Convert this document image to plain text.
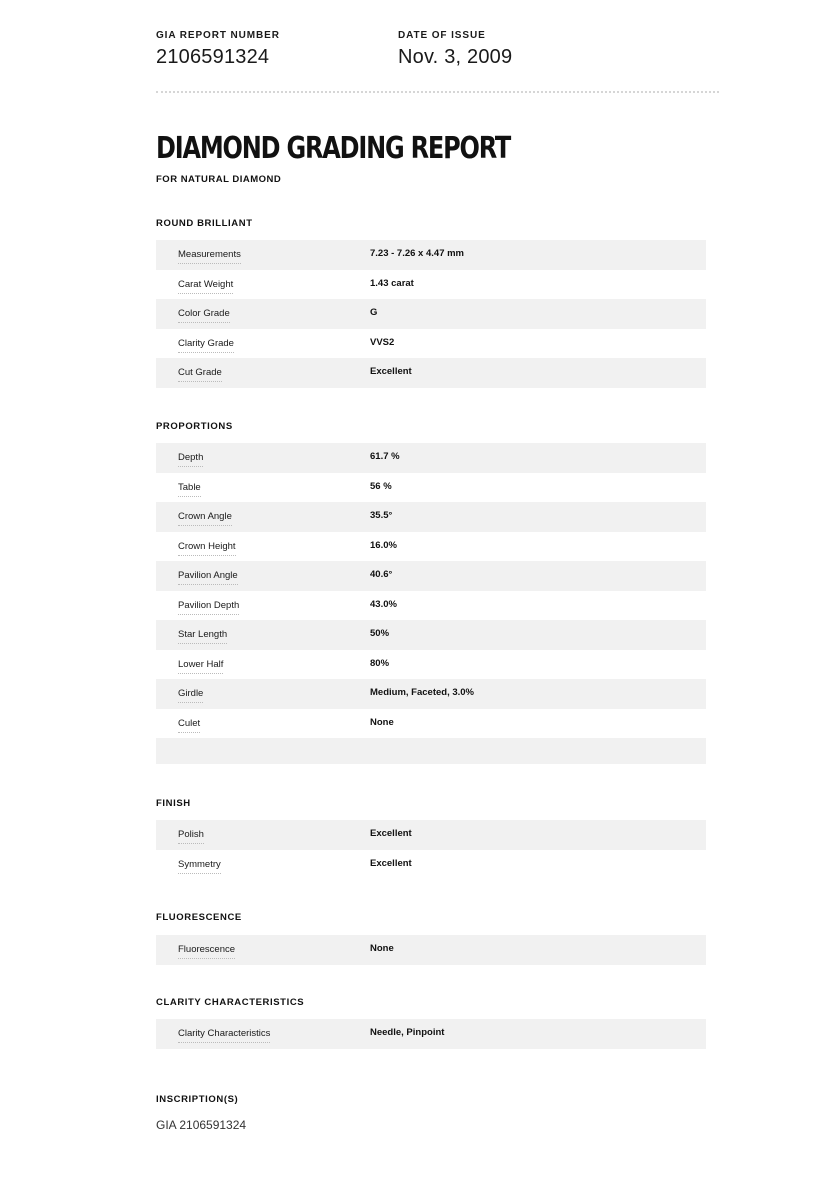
GIA REPORT NUMBER
2106591324
DATE OF ISSUE
Nov. 3, 2009
DIAMOND GRADING REPORT
FOR NATURAL DIAMOND
ROUND BRILLIANT
Measurements	7.23 - 7.26 x 4.47 mm
Carat Weight	1.43 carat
Color Grade	G
Clarity Grade	VVS2
Cut Grade	Excellent
PROPORTIONS
Depth	61.7 %
Table	56 %
Crown Angle	35.5°
Crown Height	16.0%
Pavilion Angle	40.6°
Pavilion Depth	43.0%
Star Length	50%
Lower Half	80%
Girdle	Medium, Faceted, 3.0%
Culet	None
FINISH
Polish	Excellent
Symmetry	Excellent
FLUORESCENCE
Fluorescence	None
CLARITY CHARACTERISTICS
Clarity Characteristics	Needle, Pinpoint
INSCRIPTION(S)
GIA 2106591324
